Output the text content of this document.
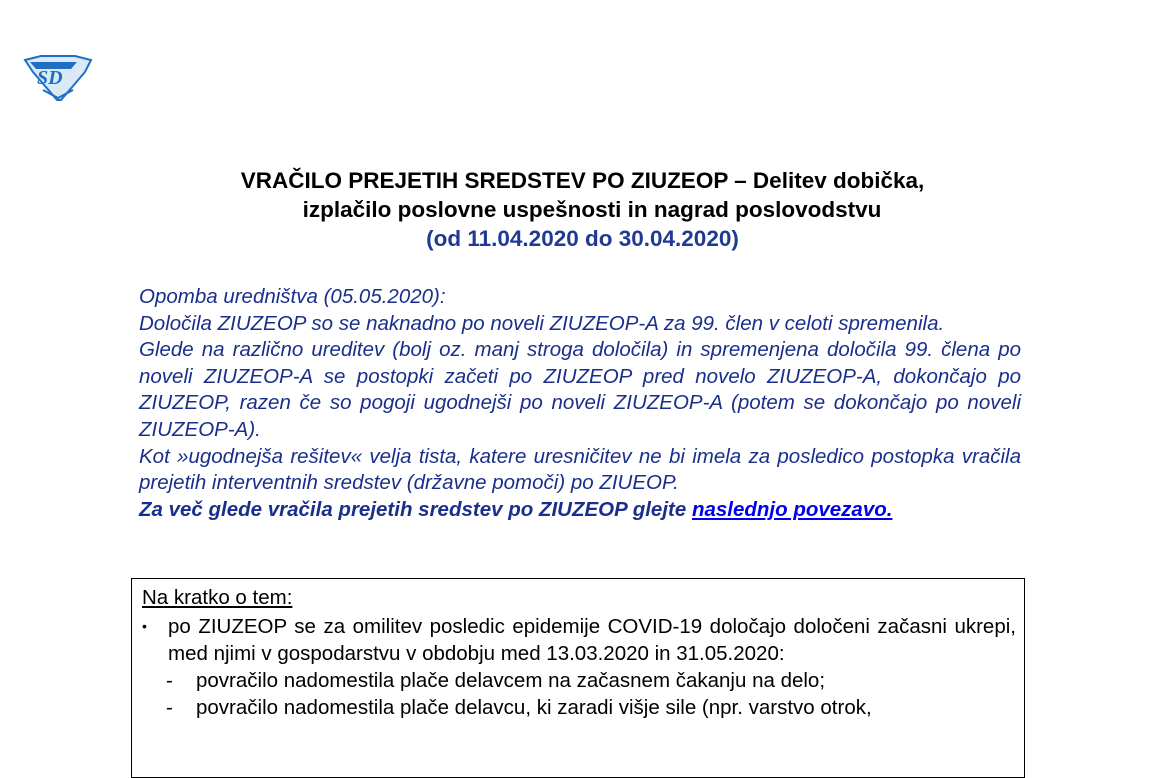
SD
VRAČILO PREJETIH SREDSTEV PO ZIUZEOP – Delitev dobička,
izplačilo poslovne uspešnosti in nagrad poslovodstvu
(od 11.04.2020 do 30.04.2020)

Opomba uredništva (05.05.2020):

Določila ZIUZEOP so se naknadno po noveli ZIUZEOP-A za 99. člen v celoti spremenila.

Glede na različno ureditev (bolj oz. manj stroga določila) in spremenjena določila 99. člena po noveli ZIUZEOP-A se postopki začeti po ZIUZEOP pred novelo ZIUZEOP-A, dokončajo po ZIUZEOP, razen če so pogoji ugodnejši po noveli ZIUZEOP-A (potem se dokončajo po noveli ZIUZEOP-A).

Kot »ugodnejša rešitev« velja tista, katere uresničitev ne bi imela za posledico postopka vračila prejetih interventnih sredstev (državne pomoči) po ZIUEOP.

Za več glede vračila prejetih sredstev po ZIUZEOP glejte naslednjo povezavo.

Na kratko o tem:
•	po ZIUZEOP se za omilitev posledic epidemije COVID-19 določajo določeni začasni ukrepi, med njimi v gospodarstvu v obdobju med 13.03.2020 in 31.05.2020:
-	povračilo nadomestila plače delavcem na začasnem čakanju na delo;
-	povračilo nadomestila plače delavcu, ki zaradi višje sile (npr. varstvo otrok,
